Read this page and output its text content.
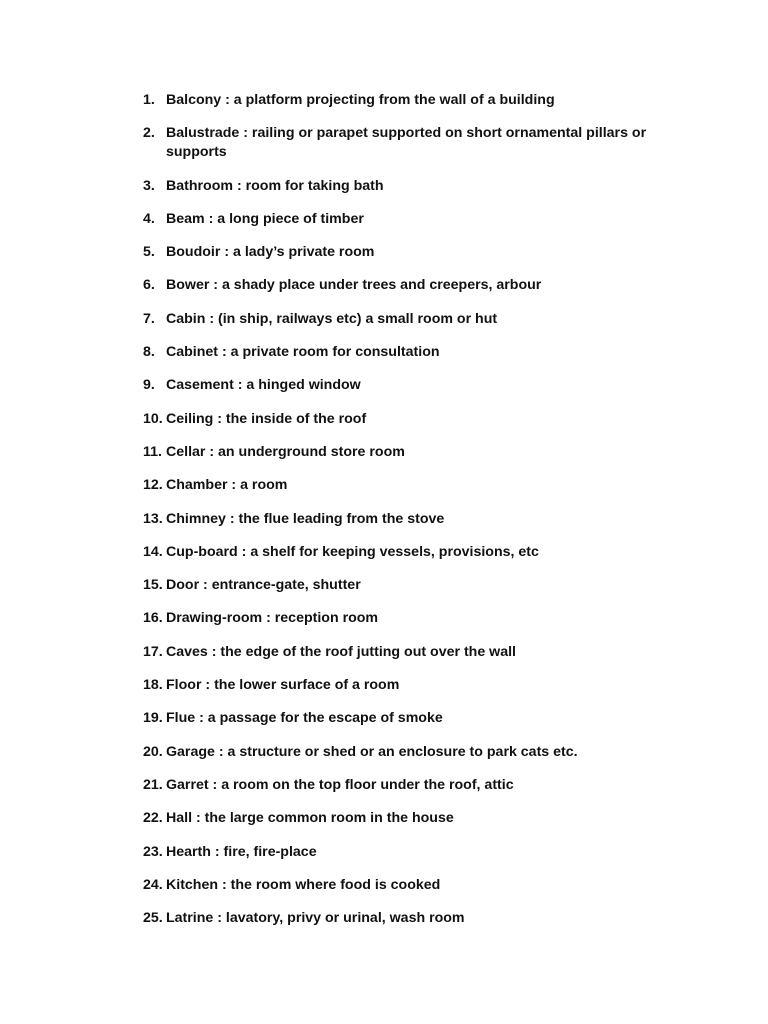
1. Balcony : a platform projecting from the wall of a building
2. Balustrade : railing or parapet supported on short ornamental pillars or supports
3. Bathroom : room for taking bath
4. Beam : a long piece of timber
5. Boudoir : a lady’s private room
6. Bower : a shady place under trees and creepers, arbour
7. Cabin : (in ship, railways etc) a small room or hut
8. Cabinet : a private room for consultation
9. Casement : a hinged window
10. Ceiling : the inside of the roof
11. Cellar : an underground store room
12. Chamber : a room
13. Chimney : the flue leading from the stove
14. Cup-board : a shelf for keeping vessels, provisions, etc
15. Door : entrance-gate, shutter
16. Drawing-room : reception room
17. Caves : the edge of the roof jutting out over the wall
18. Floor : the lower surface of a room
19. Flue : a passage for the escape of smoke
20. Garage : a structure or shed or an enclosure to park cats etc.
21. Garret : a room on the top floor under the roof, attic
22. Hall : the large common room in the house
23. Hearth : fire, fire-place
24. Kitchen : the room where food is cooked
25. Latrine : lavatory, privy or urinal, wash room
